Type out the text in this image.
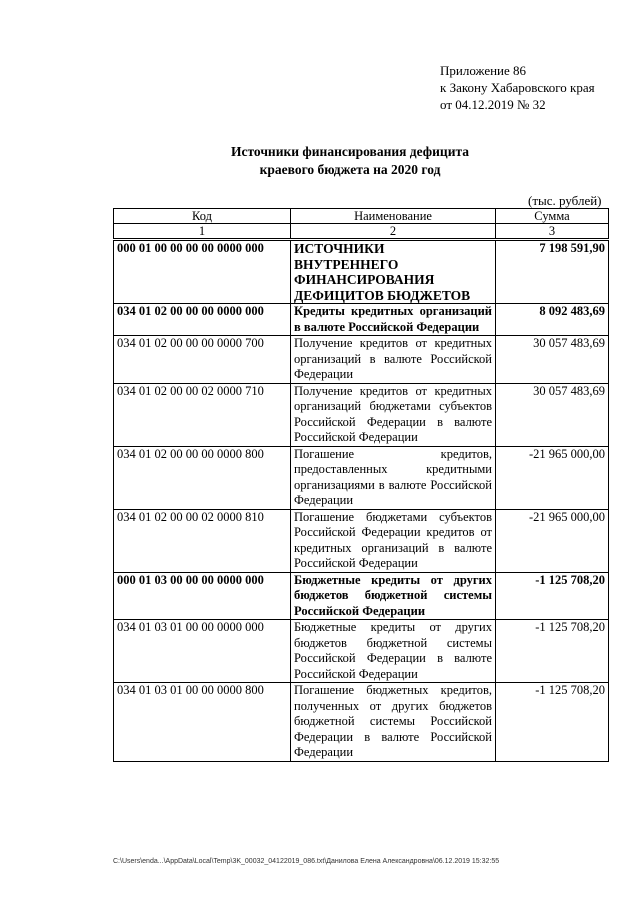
Приложение 86
к Закону Хабаровского края
от 04.12.2019 № 32
Источники финансирования дефицита
краевого бюджета на 2020 год
(тыс. рублей)
Код	Наименование	Сумма
1	2	3
000 01 00 00 00 00 0000 000	ИСТОЧНИКИ ВНУТРЕННЕГО ФИНАНСИРОВАНИЯ ДЕФИЦИТОВ БЮДЖЕТОВ	7 198 591,90
034 01 02 00 00 00 0000 000	Кредиты кредитных организаций в валюте Российской Федерации	8 092 483,69
034 01 02 00 00 00 0000 700	Получение кредитов от кредитных организаций в валюте Российской Федерации	30 057 483,69
034 01 02 00 00 02 0000 710	Получение кредитов от кредитных организаций бюджетами субъектов Российской Федерации в валюте Российской Федерации	30 057 483,69
034 01 02 00 00 00 0000 800	Погашение кредитов, предоставленных кредитными организациями в валюте Российской Федерации	-21 965 000,00
034 01 02 00 00 02 0000 810	Погашение бюджетами субъектов Российской Федерации кредитов от кредитных организаций в валюте Российской Федерации	-21 965 000,00
000 01 03 00 00 00 0000 000	Бюджетные кредиты от других бюджетов бюджетной системы Российской Федерации	-1 125 708,20
034 01 03 01 00 00 0000 000	Бюджетные кредиты от других бюджетов бюджетной системы Российской Федерации в валюте Российской Федерации	-1 125 708,20
034 01 03 01 00 00 0000 800	Погашение бюджетных кредитов, полученных от других бюджетов бюджетной системы Российской Федерации в валюте Российской Федерации	-1 125 708,20
C:\Users\enda...\AppData\Local\Temp\3K_00032_04122019_086.txt\Данилова Елена Александровна\06.12.2019 15:32:55
